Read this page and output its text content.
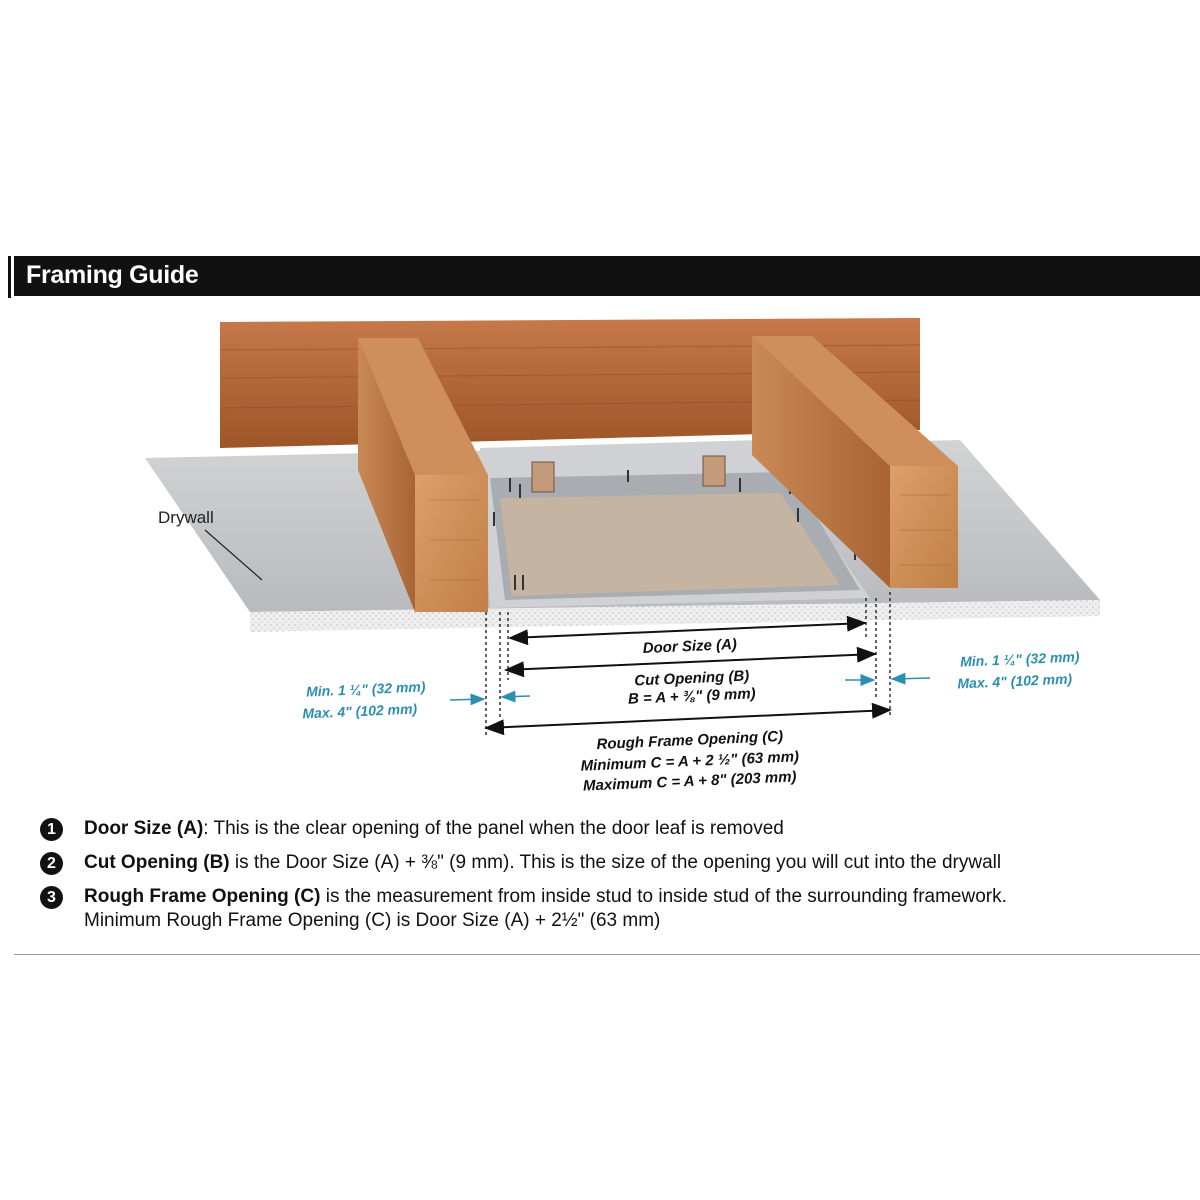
Framing Guide
Drywall
Door Size (A)
Cut Opening (B)
B = A + ⅜" (9 mm)
Rough Frame Opening (C)
Minimum C = A + 2 ½" (63 mm)
Maximum C = A + 8" (203 mm)
Min. 1 ¼" (32 mm)
Max. 4" (102 mm)
Min. 1 ¼" (32 mm)
Max. 4" (102 mm)
1	Door Size (A): This is the clear opening of the panel when the door leaf is removed
2	Cut Opening (B) is the Door Size (A) + ⅜" (9 mm). This is the size of the opening you will cut into the drywall
3	Rough Frame Opening (C) is the measurement from inside stud to inside stud of the surrounding framework.
Minimum Rough Frame Opening (C) is Door Size (A) + 2½" (63 mm)
